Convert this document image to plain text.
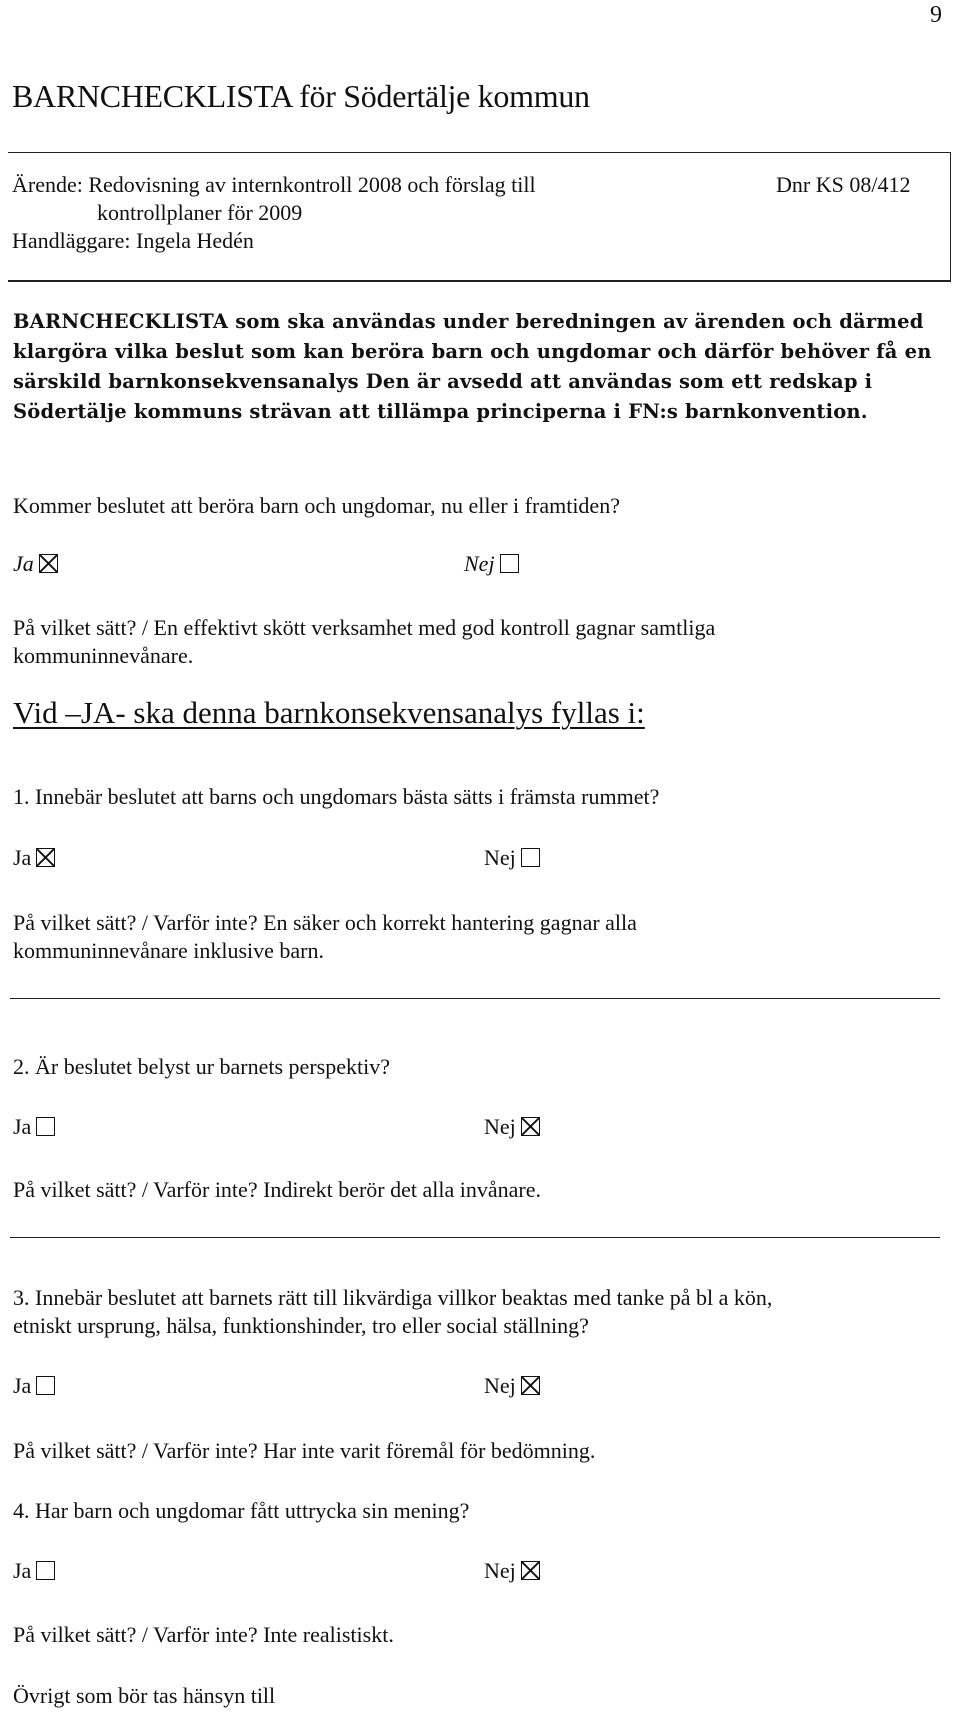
9
BARNCHECKLISTA för Södertälje kommun
Ärende: Redovisning av internkontroll 2008 och förslag till	Dnr KS 08/412
kontrollplaner för 2009
Handläggare: Ingela Hedén
BARNCHECKLISTA som ska användas under beredningen av ärenden och därmed klargöra vilka beslut som kan beröra barn och ungdomar och därför behöver få en särskild barnkonsekvensanalys Den är avsedd att användas som ett redskap i Södertälje kommuns strävan att tillämpa principerna i FN:s barnkonvention.
Kommer beslutet att beröra barn och ungdomar, nu eller i framtiden?
Ja	Nej
På vilket sätt? / En effektivt skött verksamhet med god kontroll gagnar samtliga
kommuninnevånare.
Vid –JA- ska denna barnkonsekvensanalys fyllas i:
1. Innebär beslutet att barns och ungdomars bästa sätts i främsta rummet?
Ja	Nej
På vilket sätt? / Varför inte? En säker och korrekt hantering gagnar alla
kommuninnevånare inklusive barn.
2. Är beslutet belyst ur barnets perspektiv?
Ja	Nej
På vilket sätt? / Varför inte? Indirekt berör det alla invånare.
3. Innebär beslutet att barnets rätt till likvärdiga villkor beaktas med tanke på bl a kön,
etniskt ursprung, hälsa, funktionshinder, tro eller social ställning?
Ja	Nej
På vilket sätt? / Varför inte? Har inte varit föremål för bedömning.
4. Har barn och ungdomar fått uttrycka sin mening?
Ja	Nej
På vilket sätt? / Varför inte? Inte realistiskt.
Övrigt som bör tas hänsyn till
